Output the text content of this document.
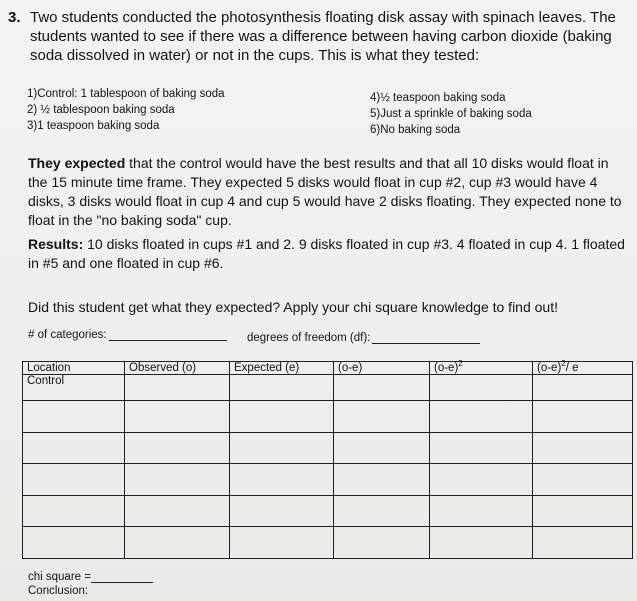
3. Two students conducted the photosynthesis floating disk assay with spinach leaves. The students wanted to see if there was a difference between having carbon dioxide (baking soda dissolved in water) or not in the cups. This is what they tested:
1)Control: 1 tablespoon of baking soda
2) ½ tablespoon baking soda
3)1 teaspoon baking soda
4)½ teaspoon baking soda
5)Just a sprinkle of baking soda
6)No baking soda
They expected that the control would have the best results and that all 10 disks would float in the 15 minute time frame. They expected 5 disks would float in cup #2, cup #3 would have 4 disks, 3 disks would float in cup 4 and cup 5 would have 2 disks floating. They expected none to float in the "no baking soda" cup.
Results: 10 disks floated in cups #1 and 2. 9 disks floated in cup #3. 4 floated in cup 4. 1 floated in #5 and one floated in cup #6.
Did this student get what they expected? Apply your chi square knowledge to find out!
# of categories:	degrees of freedom (df):
Location	Observed (o)	Expected (e)	(o-e)	$(o-e)^2$	$(o-e)^2/$ e
Control					

chi square =
Conclusion:
